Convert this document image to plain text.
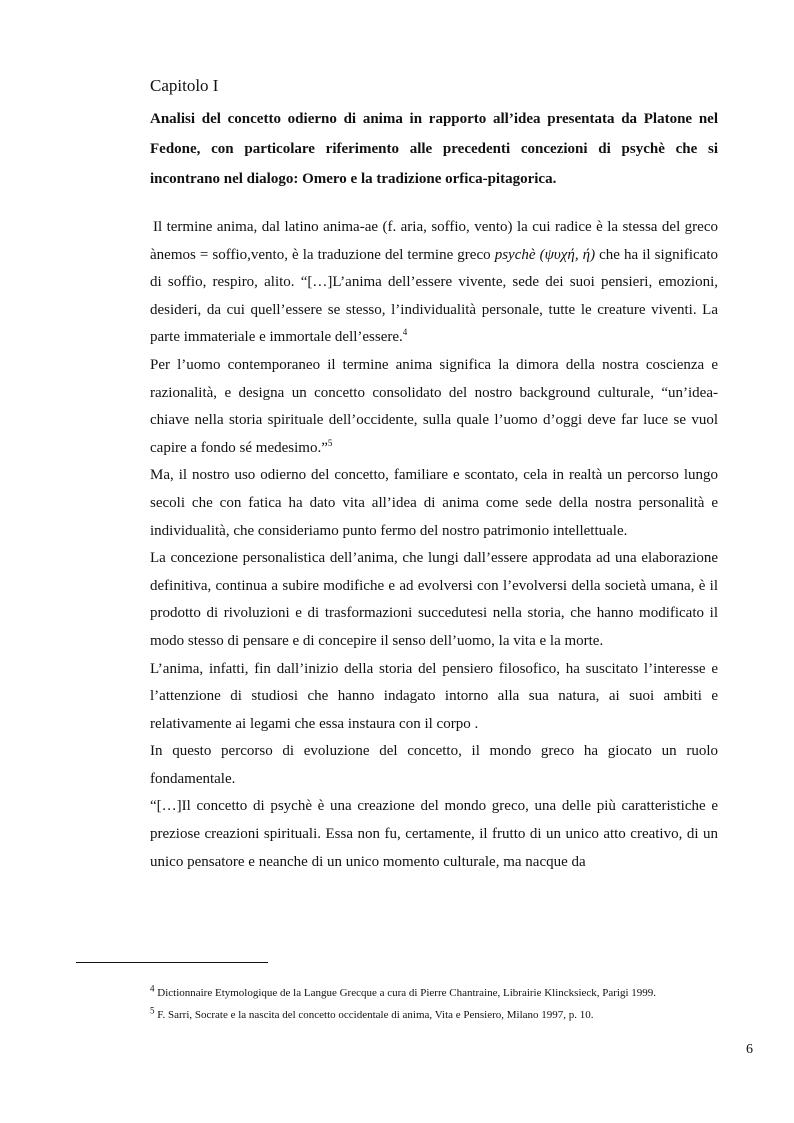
Capitolo I
Analisi del concetto odierno di anima in rapporto all’idea presentata da Platone nel Fedone, con particolare riferimento alle precedenti concezioni di psychè che si incontrano nel dialogo: Omero e la tradizione orfica-pitagorica.

Il termine anima, dal latino anima-ae (f. aria, soffio, vento) la cui radice è la stessa del greco ànemos = soffio,vento, è la traduzione del termine greco psychè (ψυχή, ή) che ha il significato di soffio, respiro, alito. “[…]L’anima dell’essere vivente, sede dei suoi pensieri, emozioni, desideri, da cui quell’essere se stesso, l’individualità personale, tutte le creature viventi. La parte immateriale e immortale dell’essere.$^4$

Per l’uomo contemporaneo il termine anima significa la dimora della nostra coscienza e razionalità, e designa un concetto consolidato del nostro background culturale, “un’idea-chiave nella storia spirituale dell’occidente, sulla quale l’uomo d’oggi deve far luce se vuol capire a fondo sé medesimo.”$^5$

Ma, il nostro uso odierno del concetto, familiare e scontato, cela in realtà un percorso lungo secoli che con fatica ha dato vita all’idea di anima come sede della nostra personalità e individualità, che consideriamo punto fermo del nostro patrimonio intellettuale.

La concezione personalistica dell’anima, che lungi dall’essere approdata ad una elaborazione definitiva, continua a subire modifiche e ad evolversi con l’evolversi della società umana, è il prodotto di rivoluzioni e di trasformazioni succedutesi nella storia, che hanno modificato il modo stesso di pensare e di concepire il senso dell’uomo, la vita e la morte.

L’anima, infatti, fin dall’inizio della storia del pensiero filosofico, ha suscitato l’interesse e l’attenzione di studiosi che hanno indagato intorno alla sua natura, ai suoi ambiti e relativamente ai legami che essa instaura con il corpo .

In questo percorso di evoluzione del concetto, il mondo greco ha giocato un ruolo fondamentale.

“[…]Il concetto di psychè è una creazione del mondo greco, una delle più caratteristiche e preziose creazioni spirituali. Essa non fu, certamente, il frutto di un unico atto creativo, di un unico pensatore e neanche di un unico momento culturale, ma nacque da

$^4$ Dictionnaire Etymologique de la Langue Grecque a cura di Pierre Chantraine, Librairie Klincksieck, Parigi 1999.

$^5$ F. Sarri, Socrate e la nascita del concetto occidentale di anima, Vita e Pensiero, Milano 1997, p. 10.

6
